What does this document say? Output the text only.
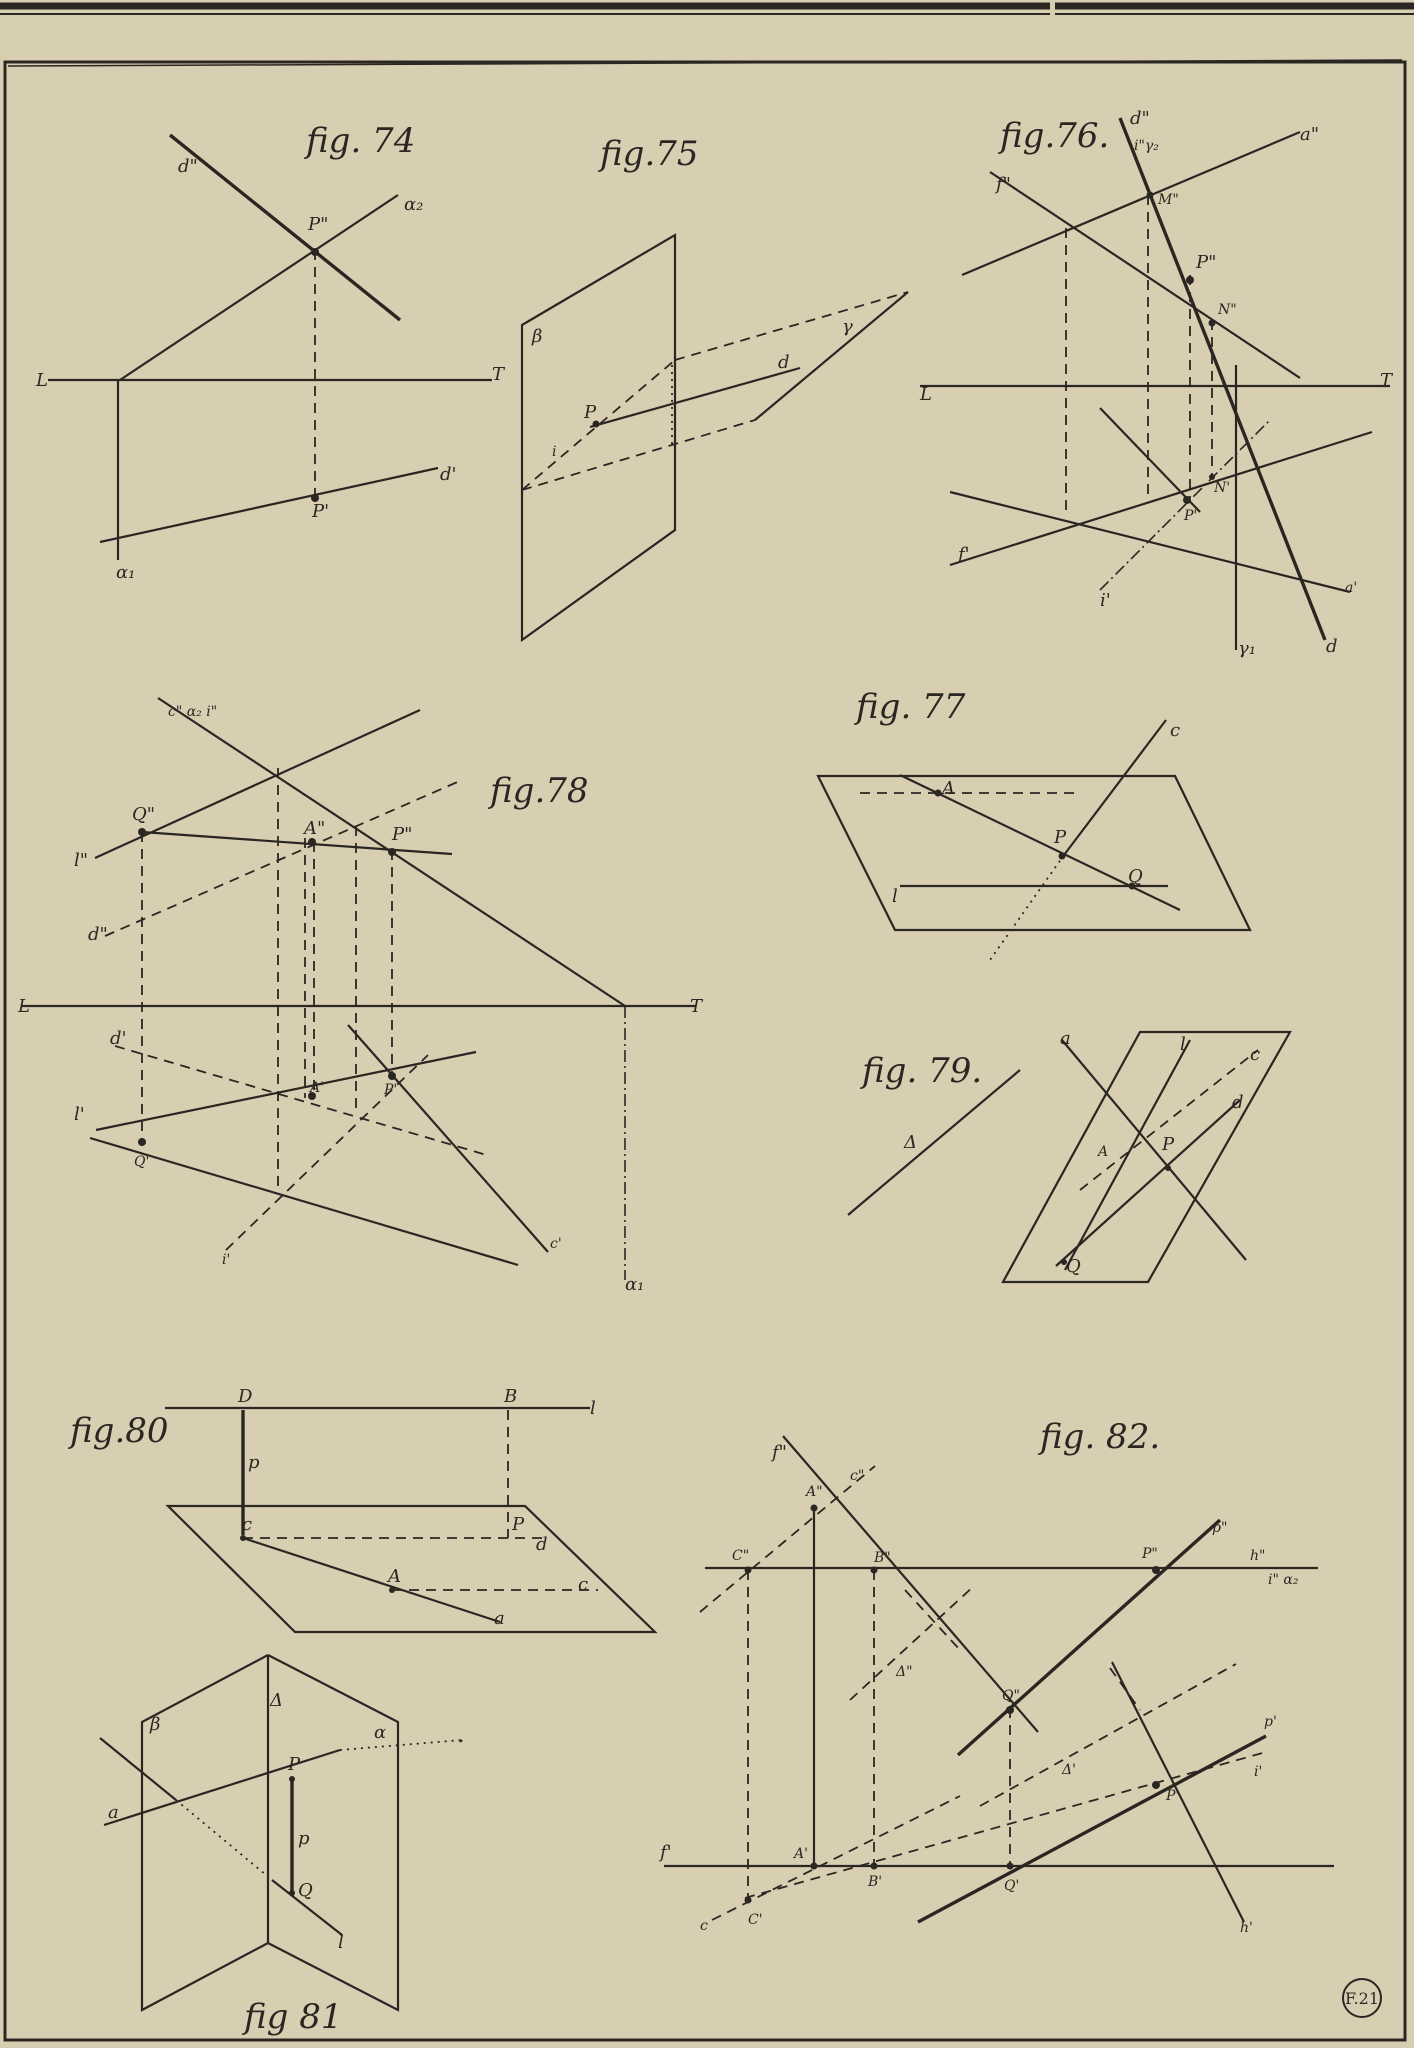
fig. 74
d"
α₂
P"
L	T
d'
P'
α₁
fig.75
β	γ
d
P
i
fig.76. d"
i"γ₂
a"
f"
M"
P"
N"
L
T
N'
P'
f'
i'
a'
γ₁	d
fig. 77
c
A
P
Q
l
fig.78
c" α₂ i"
Q"
A"	P"
l"
d"
L	T
d'
A'	P'
l'
Q'
i'
c'
α₁
fig. 79.
Δ
a	l	c
d
A	P
Q
fig.80
D	B
l
p
c	P
d
A	c
a
fig 81
β
Δ
α
a
P
p
Q
l
fig. 82.
f"
A"
c"
C"	B"	P"
p"
h"
i" α₂
Δ"
Q"
Δ'
p'
P'
i'
f'	A'
B'	Q'
C'
c	h'
F.21
